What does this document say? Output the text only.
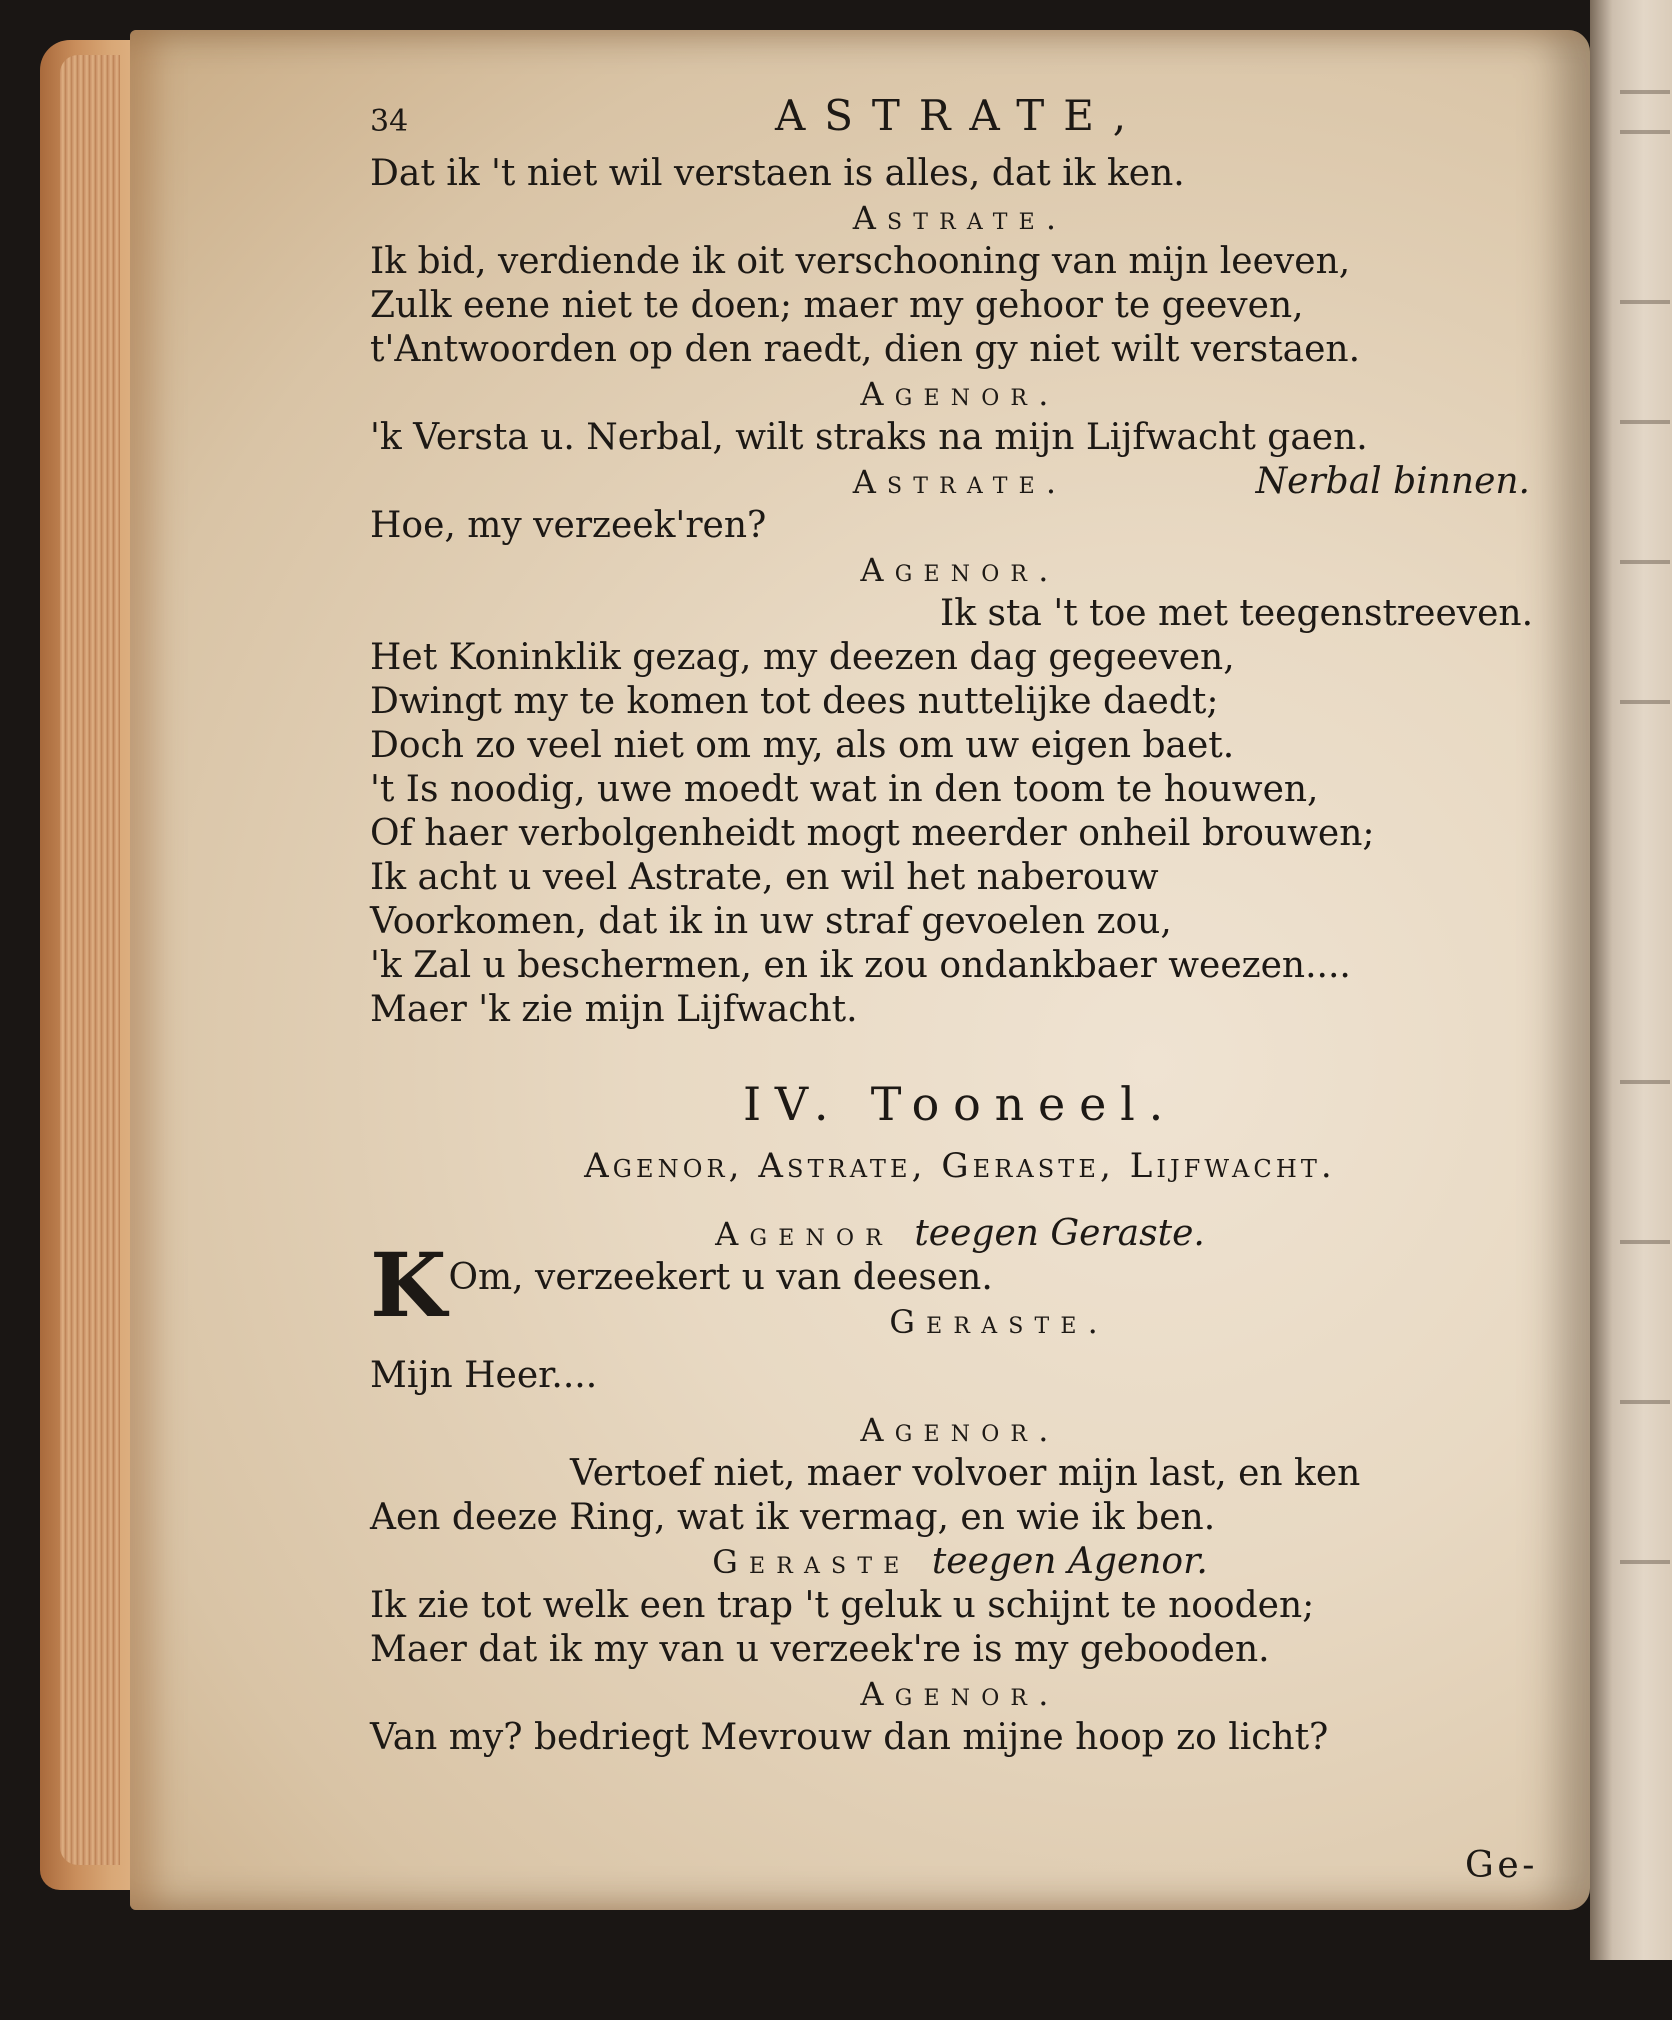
34	ASTRATE,
Dat ik 't niet wil verstaen is alles, dat ik ken.
Astrate.
Ik bid, verdiende ik oit verschooning van mijn leeven,
Zulk eene niet te doen; maer my gehoor te geeven,
t'Antwoorden op den raedt, dien gy niet wilt verstaen.
Agenor.
'k Versta u. Nerbal, wilt straks na mijn Lijfwacht gaen.
Astrate.	Nerbal binnen.
Hoe, my verzeek'ren?
Agenor.
Ik sta 't toe met teegenstreeven.
Het Koninklik gezag, my deezen dag gegeeven,
Dwingt my te komen tot dees nuttelijke daedt;
Doch zo veel niet om my, als om uw eigen baet.
't Is noodig, uwe moedt wat in den toom te houwen,
Of haer verbolgenheidt mogt meerder onheil brouwen;
Ik acht u veel Astrate, en wil het naberouw
Voorkomen, dat ik in uw straf gevoelen zou,
'k Zal u beschermen, en ik zou ondankbaer weezen....
Maer 'k zie mijn Lijfwacht.
IV. Tooneel.
Agenor, Astrate, Geraste, Lijfwacht.
Agenor teegen Geraste.
K Om, verzeekert u van deesen.
Geraste.
Mijn Heer....
Agenor.
Vertoef niet, maer volvoer mijn last, en ken
Aen deeze Ring, wat ik vermag, en wie ik ben.
Geraste teegen Agenor.
Ik zie tot welk een trap 't geluk u schijnt te nooden;
Maer dat ik my van u verzeek're is my gebooden.
Agenor.
Van my? bedriegt Mevrouw dan mijne hoop zo licht?
Ge-
